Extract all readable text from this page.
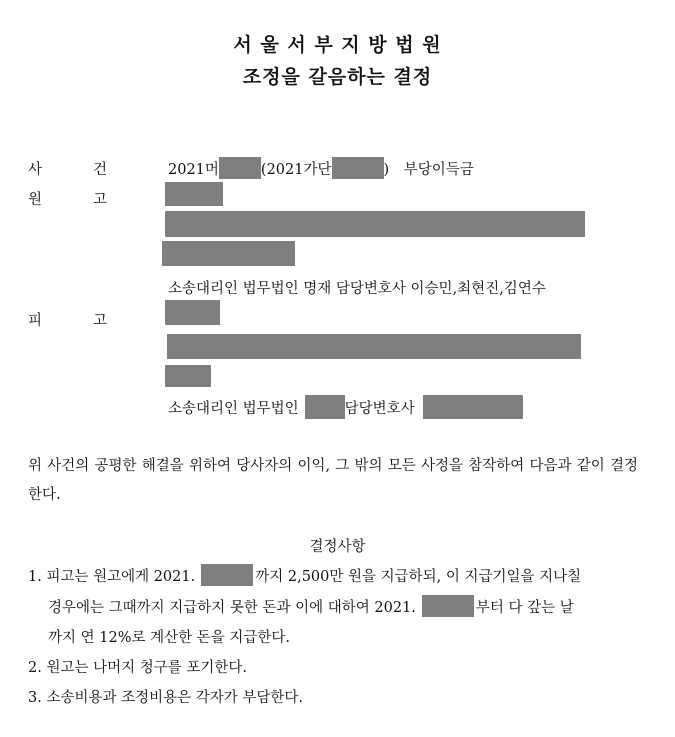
서 울 서 부 지 방 법 원
조정을 갈음하는 결정
사	건	2021머	(2021가단	) 부당이득금
원	고
소송대리인 법무법인 명재 담당변호사 이승민,최현진,김연수
피	고
소송대리인 법무법인	담당변호사
위 사건의 공평한 해결을 위하여 당사자의 이익, 그 밖의 모든 사정을 참작하여 다음과 같이 결정한다.
결정사항
1. 피고는 원고에게 2021.	까지 2,500만 원을 지급하되, 이 지급기일을 지나칠
경우에는 그때까지 지급하지 못한 돈과 이에 대하여 2021.	부터 다 갚는 날
까지 연 12%로 계산한 돈을 지급한다.
2. 원고는 나머지 청구를 포기한다.
3. 소송비용과 조정비용은 각자가 부담한다.
